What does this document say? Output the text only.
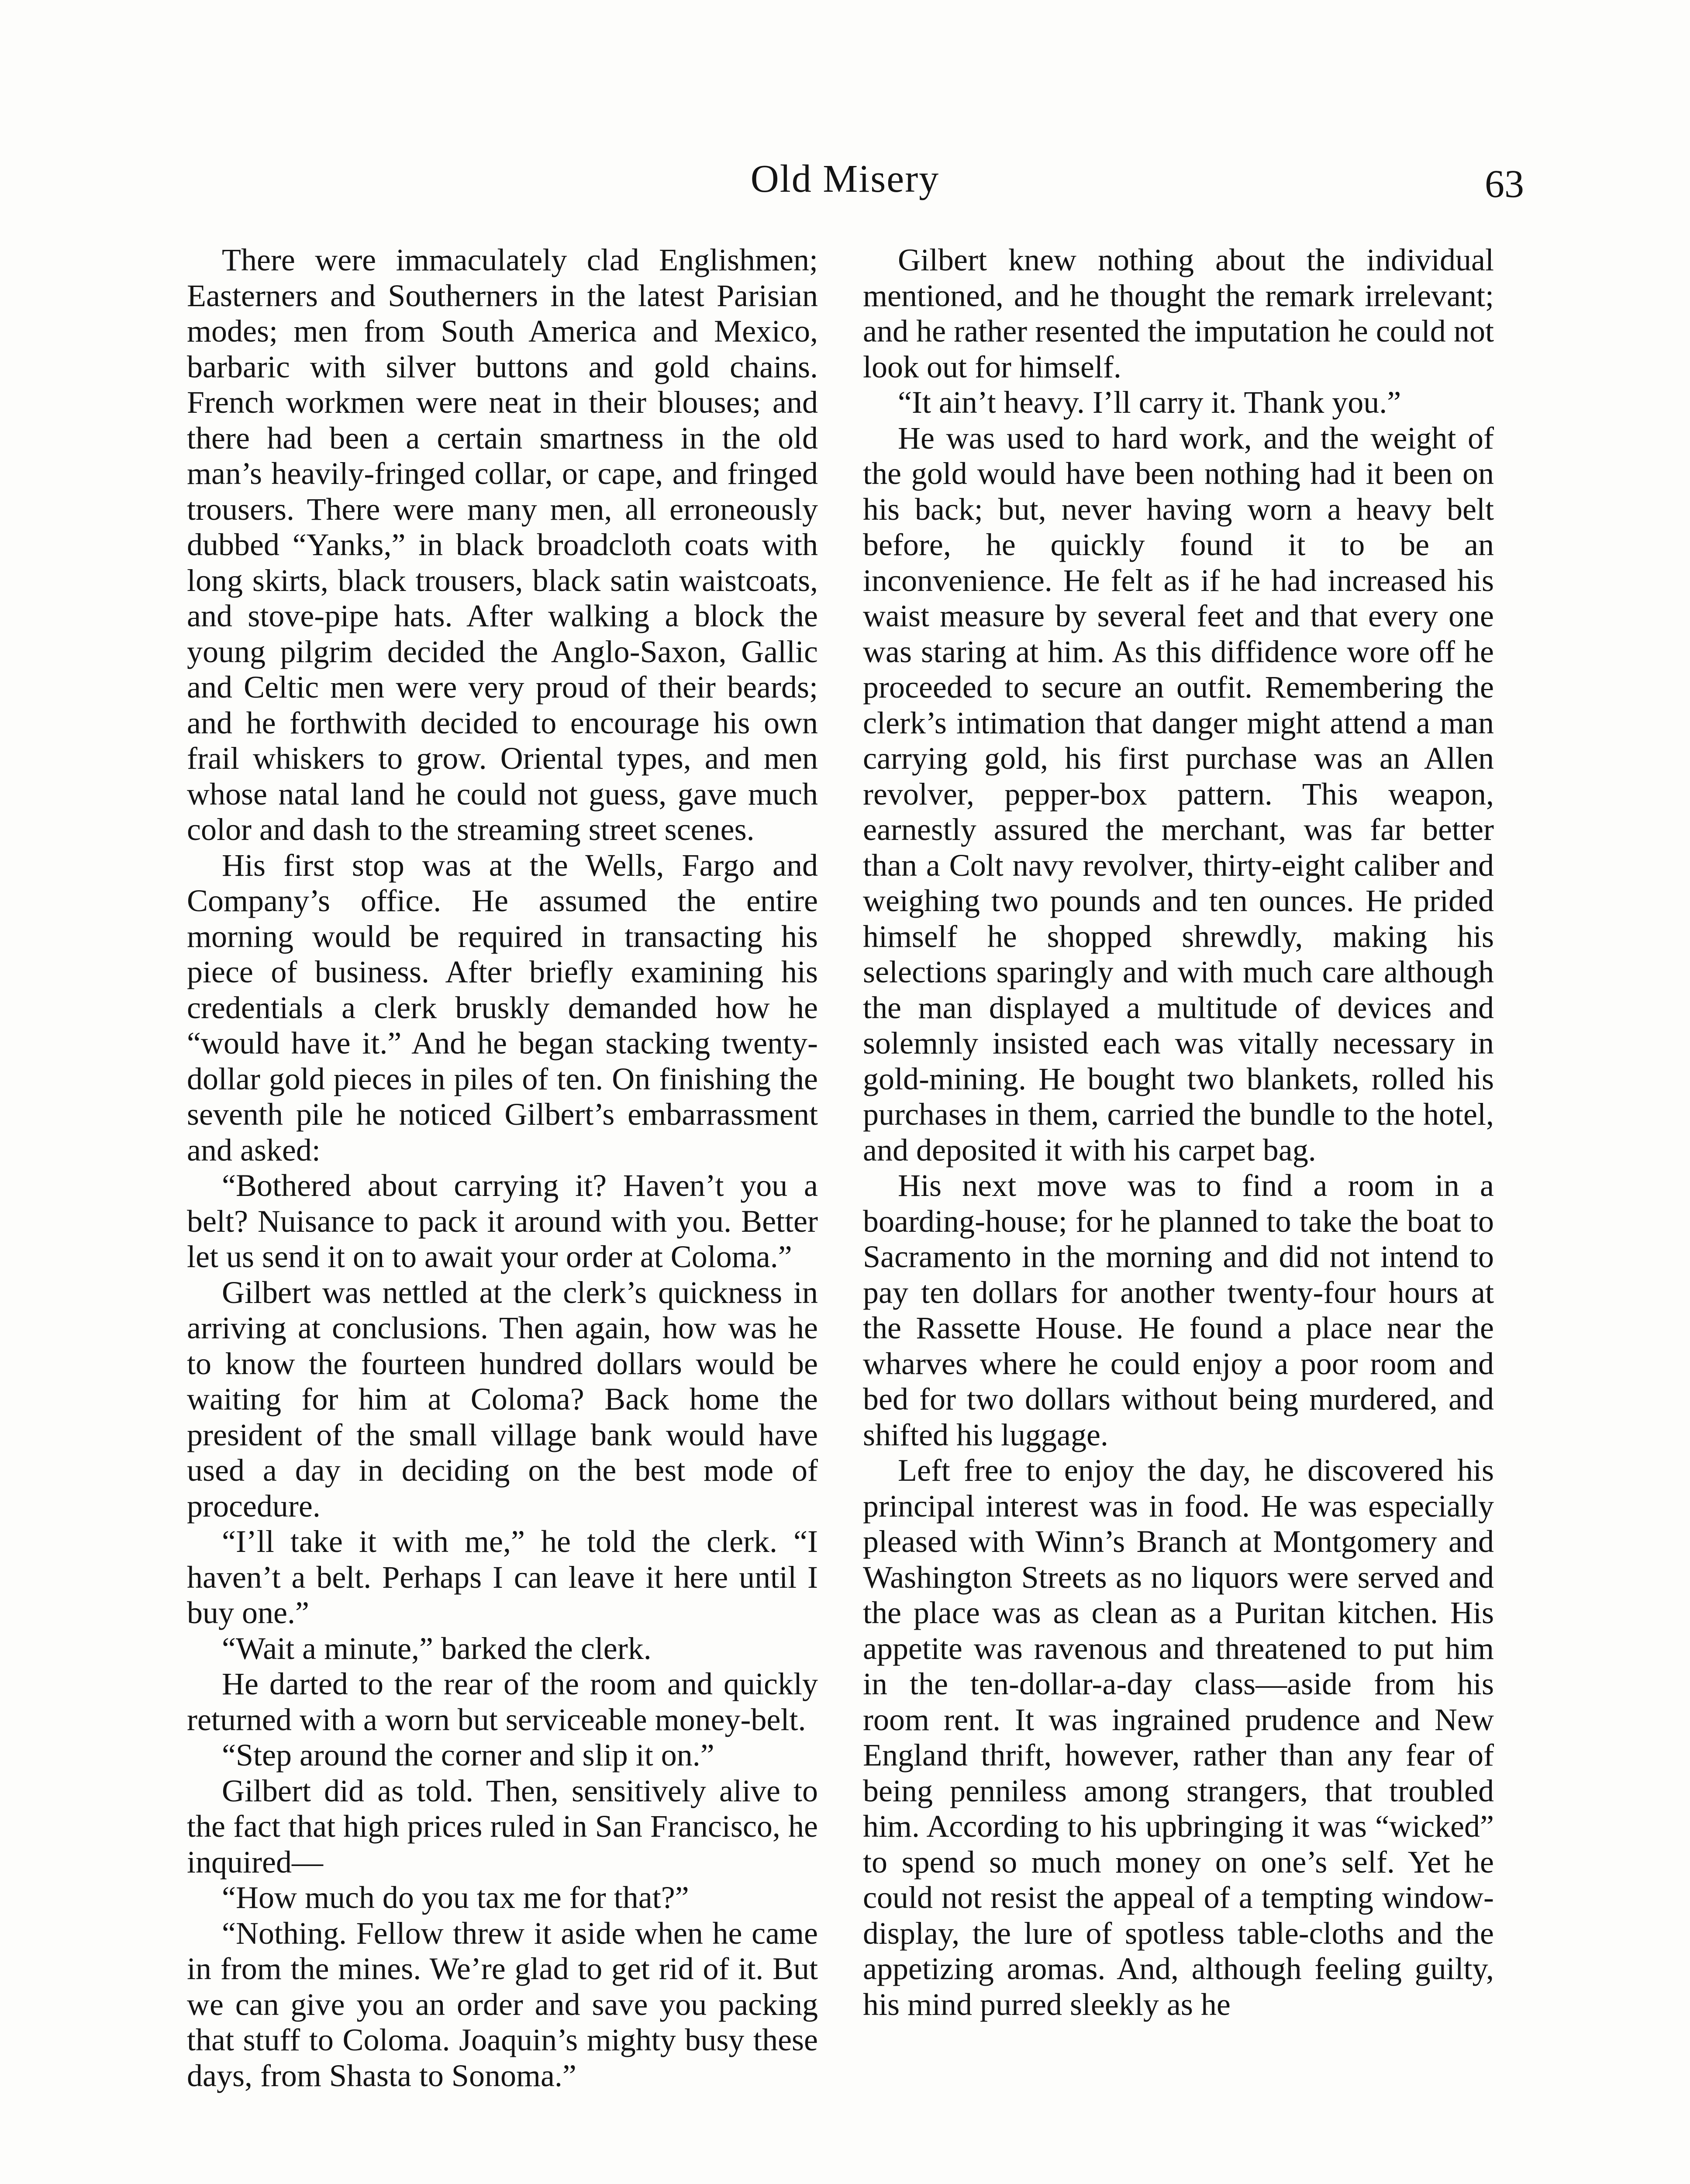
Old Misery	63

There were immaculately clad Englishmen; Easterners and Southerners in the latest Parisian modes; men from South America and Mexico, barbaric with silver buttons and gold chains. French workmen were neat in their blouses; and there had been a certain smartness in the old man’s heavily-fringed collar, or cape, and fringed trousers. There were many men, all erroneously dubbed “Yanks,” in black broadcloth coats with long skirts, black trousers, black satin waistcoats, and stove-pipe hats. After walking a block the young pilgrim decided the Anglo-Saxon, Gallic and Celtic men were very proud of their beards; and he forthwith decided to encourage his own frail whiskers to grow. Oriental types, and men whose natal land he could not guess, gave much color and dash to the streaming street scenes.

His first stop was at the Wells, Fargo and Company’s office. He assumed the entire morning would be required in transacting his piece of business. After briefly examining his credentials a clerk bruskly demanded how he “would have it.” And he began stacking twenty-dollar gold pieces in piles of ten. On finishing the seventh pile he noticed Gilbert’s embarrassment and asked:

“Bothered about carrying it? Haven’t you a belt? Nuisance to pack it around with you. Better let us send it on to await your order at Coloma.”

Gilbert was nettled at the clerk’s quickness in arriving at conclusions. Then again, how was he to know the fourteen hundred dollars would be waiting for him at Coloma? Back home the president of the small village bank would have used a day in deciding on the best mode of procedure.

“I’ll take it with me,” he told the clerk. “I haven’t a belt. Perhaps I can leave it here until I buy one.”

“Wait a minute,” barked the clerk.

He darted to the rear of the room and quickly returned with a worn but serviceable money-belt.

“Step around the corner and slip it on.”

Gilbert did as told. Then, sensitively alive to the fact that high prices ruled in San Francisco, he inquired—

“How much do you tax me for that?”

“Nothing. Fellow threw it aside when he came in from the mines. We’re glad to get rid of it. But we can give you an order and save you packing that stuff to Coloma. Joaquin’s mighty busy these days, from Shasta to Sonoma.”

Gilbert knew nothing about the individual mentioned, and he thought the remark irrelevant; and he rather resented the imputation he could not look out for himself.

“It ain’t heavy. I’ll carry it. Thank you.”

He was used to hard work, and the weight of the gold would have been nothing had it been on his back; but, never having worn a heavy belt before, he quickly found it to be an inconvenience. He felt as if he had increased his waist measure by several feet and that every one was staring at him. As this diffidence wore off he proceeded to secure an outfit. Remembering the clerk’s intimation that danger might attend a man carrying gold, his first purchase was an Allen revolver, pepper-box pattern. This weapon, earnestly assured the merchant, was far better than a Colt navy revolver, thirty-eight caliber and weighing two pounds and ten ounces. He prided himself he shopped shrewdly, making his selections sparingly and with much care although the man displayed a multitude of devices and solemnly insisted each was vitally necessary in gold-mining. He bought two blankets, rolled his purchases in them, carried the bundle to the hotel, and deposited it with his carpet bag.

His next move was to find a room in a boarding-house; for he planned to take the boat to Sacramento in the morning and did not intend to pay ten dollars for another twenty-four hours at the Rassette House. He found a place near the wharves where he could enjoy a poor room and bed for two dollars without being murdered, and shifted his luggage.

Left free to enjoy the day, he discovered his principal interest was in food. He was especially pleased with Winn’s Branch at Montgomery and Washington Streets as no liquors were served and the place was as clean as a Puritan kitchen. His appetite was ravenous and threatened to put him in the ten-dollar-a-day class—aside from his room rent. It was ingrained prudence and New England thrift, however, rather than any fear of being penniless among strangers, that troubled him. According to his upbringing it was “wicked” to spend so much money on one’s self. Yet he could not resist the appeal of a tempting window-display, the lure of spotless table-cloths and the appetizing aromas. And, although feeling guilty, his mind purred sleekly as he
